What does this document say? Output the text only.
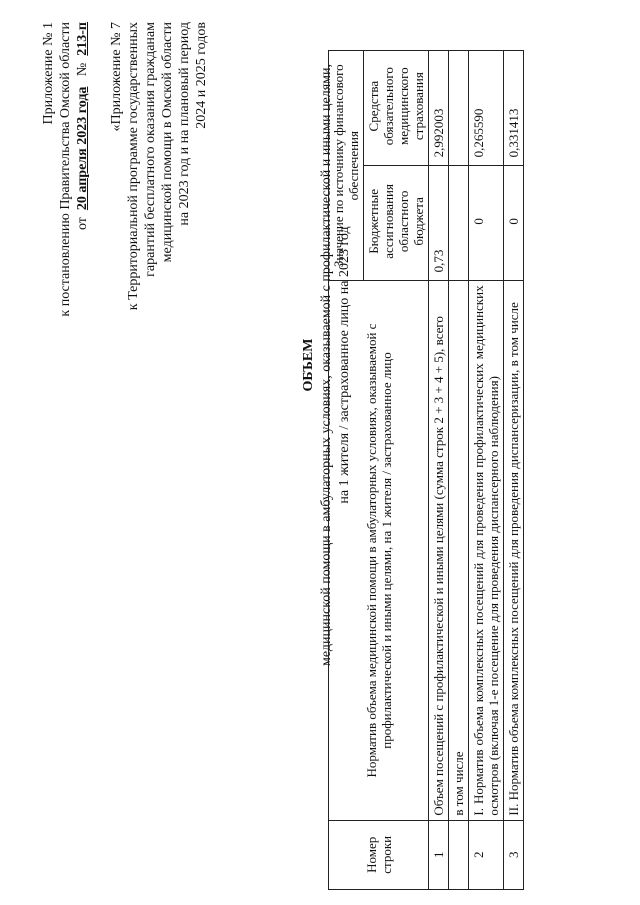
Приложение № 1 к постановлению Правительства Омской области от  20 апреля 2023 года   №  213-п «Приложение № 7 к Территориальной программе государственных гарантий бесплатного оказания гражданам медицинской помощи в Омской области на 2023 год и на плановый период 2024 и 2025 годов
ОБЪЕМ медицинской помощи в амбулаторных условиях, оказываемой с профилактической и иными целями, на 1 жителя / застрахованное лицо на 2023 год
Номер строки	Норматив объема медицинской помощи в амбулаторных условиях, оказываемой с профилактической и иными целями, на 1 жителя / застрахованное лицо	Значение по источнику финансового обеспечения	
		Бюджетные ассигнования областного бюджета	Средства обязательного медицинского страхования
1	Объем посещений с профилактической и иными целями (сумма строк 2 + 3 + 4 + 5), всего	0,73	2,992003
	в том числе		
2	I. Норматив объема комплексных посещений для проведения профилактических медицинских осмотров (включая 1-е посещение для проведения диспансерного наблюдения)	0	0,265590
3	II. Норматив объема комплексных посещений для проведения диспансеризации, в том числе	0	0,331413
